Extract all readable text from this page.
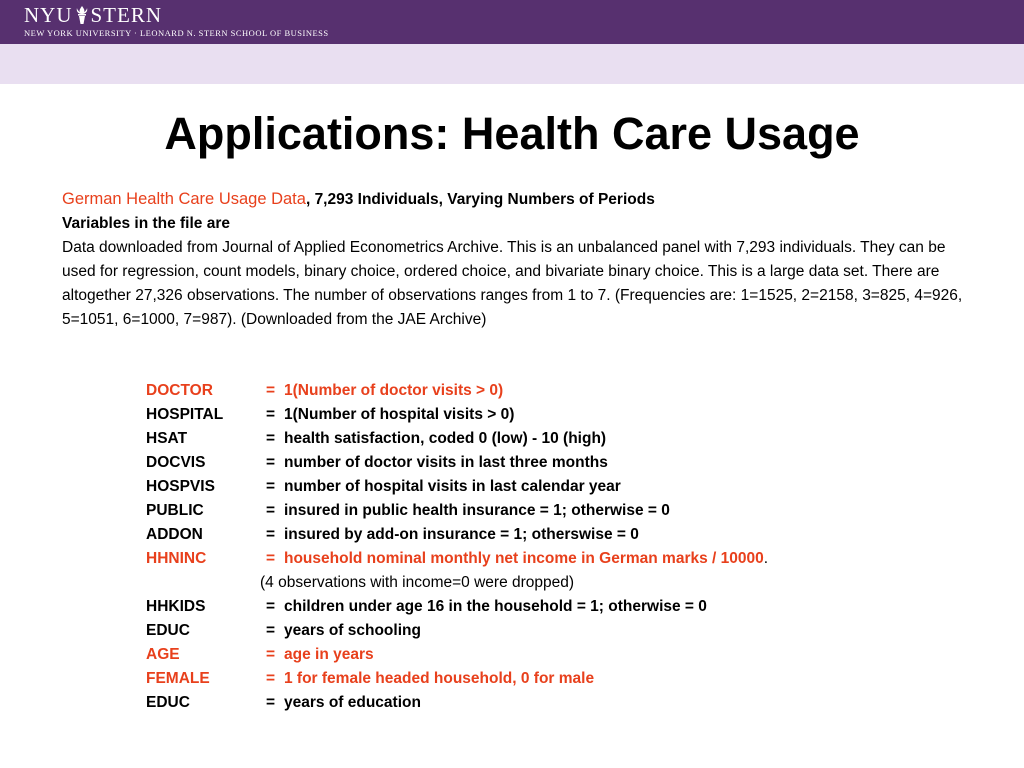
NYU STERN
NEW YORK UNIVERSITY · LEONARD N. STERN SCHOOL OF BUSINESS
Applications: Health Care Usage

German Health Care Usage Data, 7,293 Individuals, Varying Numbers of Periods

Variables in the file are

Data downloaded from Journal of Applied Econometrics Archive. This is an unbalanced panel with 7,293 individuals. They can be used for regression, count models, binary choice, ordered choice, and bivariate binary choice. This is a large data set. There are altogether 27,326 observations. The number of observations ranges from 1 to 7. (Frequencies are: 1=1525, 2=2158, 3=825, 4=926, 5=1051, 6=1000, 7=987). (Downloaded from the JAE Archive)

DOCTOR	= 1(Number of doctor visits > 0)
HOSPITAL	= 1(Number of hospital visits > 0)
HSAT	= health satisfaction, coded 0 (low) - 10 (high)
DOCVIS	= number of doctor visits in last three months
HOSPVIS	= number of hospital visits in last calendar year
PUBLIC	= insured in public health insurance = 1; otherwise = 0
ADDON	= insured by add-on insurance = 1; otherswise = 0
HHNINC	= household nominal monthly net income in German marks / 10000.
(4 observations with income=0 were dropped)
HHKIDS	= children under age 16 in the household = 1; otherwise = 0
EDUC	= years of schooling
AGE	= age in years
FEMALE	= 1 for female headed household, 0 for male
EDUC	= years of education
